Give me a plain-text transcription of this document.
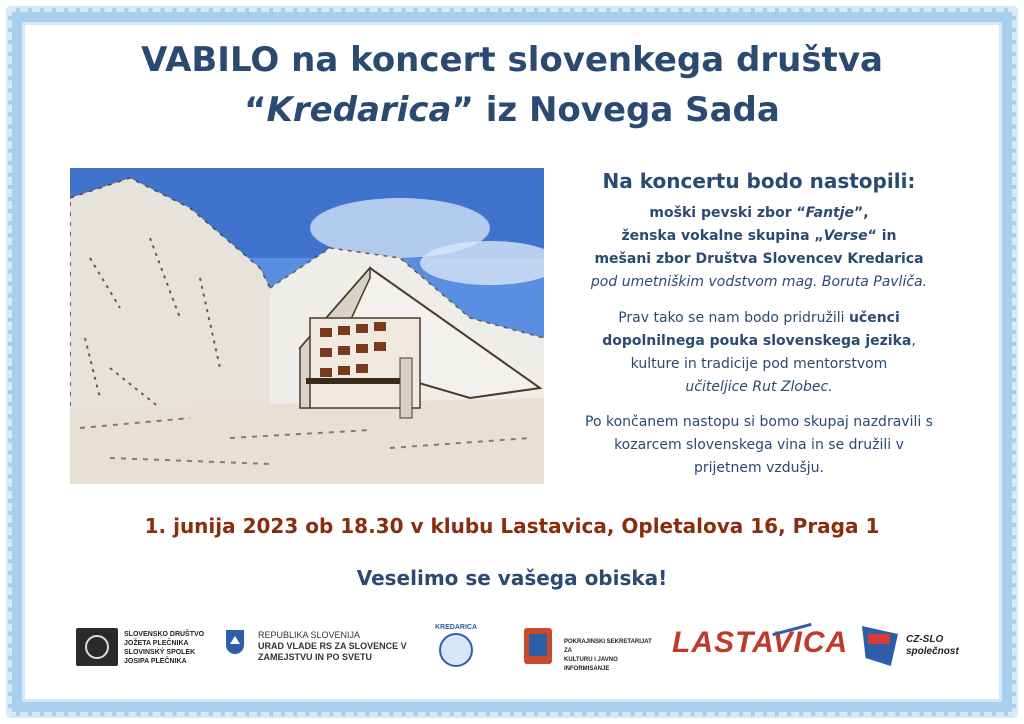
VABILO na koncert slovenkega društva
“Kredarica” iz Novega Sada
Na koncertu bodo nastopili:
moški pevski zbor “Fantje”,
ženska vokalne skupina „Verse“ in
mešani zbor Društva Slovencev Kredarica
pod umetniškim vodstvom mag. Boruta Pavliča.
Prav tako se nam bodo pridružili učenci
dopolnilnega pouka slovenskega jezika,
kulture in tradicije pod mentorstvom
učiteljice Rut Zlobec.
Po končanem nastopu si bomo skupaj nazdravili s
kozarcem slovenskega vina in se družili v
prijetnem vzdušju.
1. junija 2023 ob 18.30 v klubu Lastavica, Opletalova 16, Praga 1
Veselimo se vašega obiska!
SLOVENSKO DRUŠTVO
JOŽETA PLEČNIKA
SLOVINSKÝ SPOLEK
JOSIPA PLEČNIKA
REPUBLIKA SLOVENIJA
URAD VLADE RS ZA SLOVENCE V
ZAMEJSTVU IN PO SVETU
KREDARICA
POKRAJINSKI SEKRETARIJAT ZA
KULTURU I JAVNO INFORMISANJE
LASTAVICA	CZ-SLO
společnost
